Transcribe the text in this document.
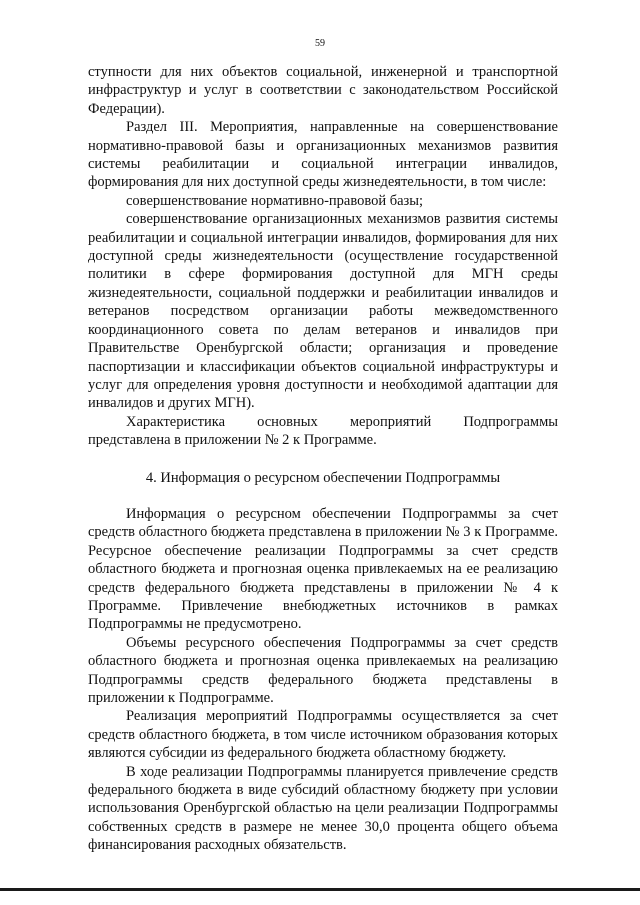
59

ступности для них объектов социальной, инженерной и транспортной инфраструктур и услуг в соответствии с законодательством Российской Федерации).

Раздел III. Мероприятия, направленные на совершенствование нормативно-правовой базы и организационных механизмов развития системы реабилитации и социальной интеграции инвалидов, формирования для них доступной среды жизнедеятельности, в том числе:

совершенствование нормативно-правовой базы;

совершенствование организационных механизмов развития системы реабилитации и социальной интеграции инвалидов, формирования для них доступной среды жизнедеятельности (осуществление государственной политики в сфере формирования доступной для МГН среды жизнедеятельности, социальной поддержки и реабилитации инвалидов и ветеранов посредством организации работы межведомственного координационного совета по делам ветеранов и инвалидов при Правительстве Оренбургской области; организация и проведение паспортизации и классификации объектов социальной инфраструктуры и услуг для определения уровня доступности и необходимой адаптации для инвалидов и других МГН).

Характеристика основных мероприятий Подпрограммы представлена в приложении № 2 к Программе.

4. Информация о ресурсном обеспечении Подпрограммы

Информация о ресурсном обеспечении Подпрограммы за счет средств областного бюджета представлена в приложении № 3 к Программе. Ресурсное обеспечение реализации Подпрограммы за счет средств областного бюджета и прогнозная оценка привлекаемых на ее реализацию средств федерального бюджета представлены в приложении № 4 к Программе. Привлечение внебюджетных источников в рамках Подпрограммы не предусмотрено.

Объемы ресурсного обеспечения Подпрограммы за счет средств областного бюджета и прогнозная оценка привлекаемых на реализацию Подпрограммы средств федерального бюджета представлены в приложении к Подпрограмме.

Реализация мероприятий Подпрограммы осуществляется за счет средств областного бюджета, в том числе источником образования которых являются субсидии из федерального бюджета областному бюджету.

В ходе реализации Подпрограммы планируется привлечение средств федерального бюджета в виде субсидий областному бюджету при условии использования Оренбургской областью на цели реализации Подпрограммы собственных средств в размере не менее 30,0 процента общего объема финансирования расходных обязательств.
